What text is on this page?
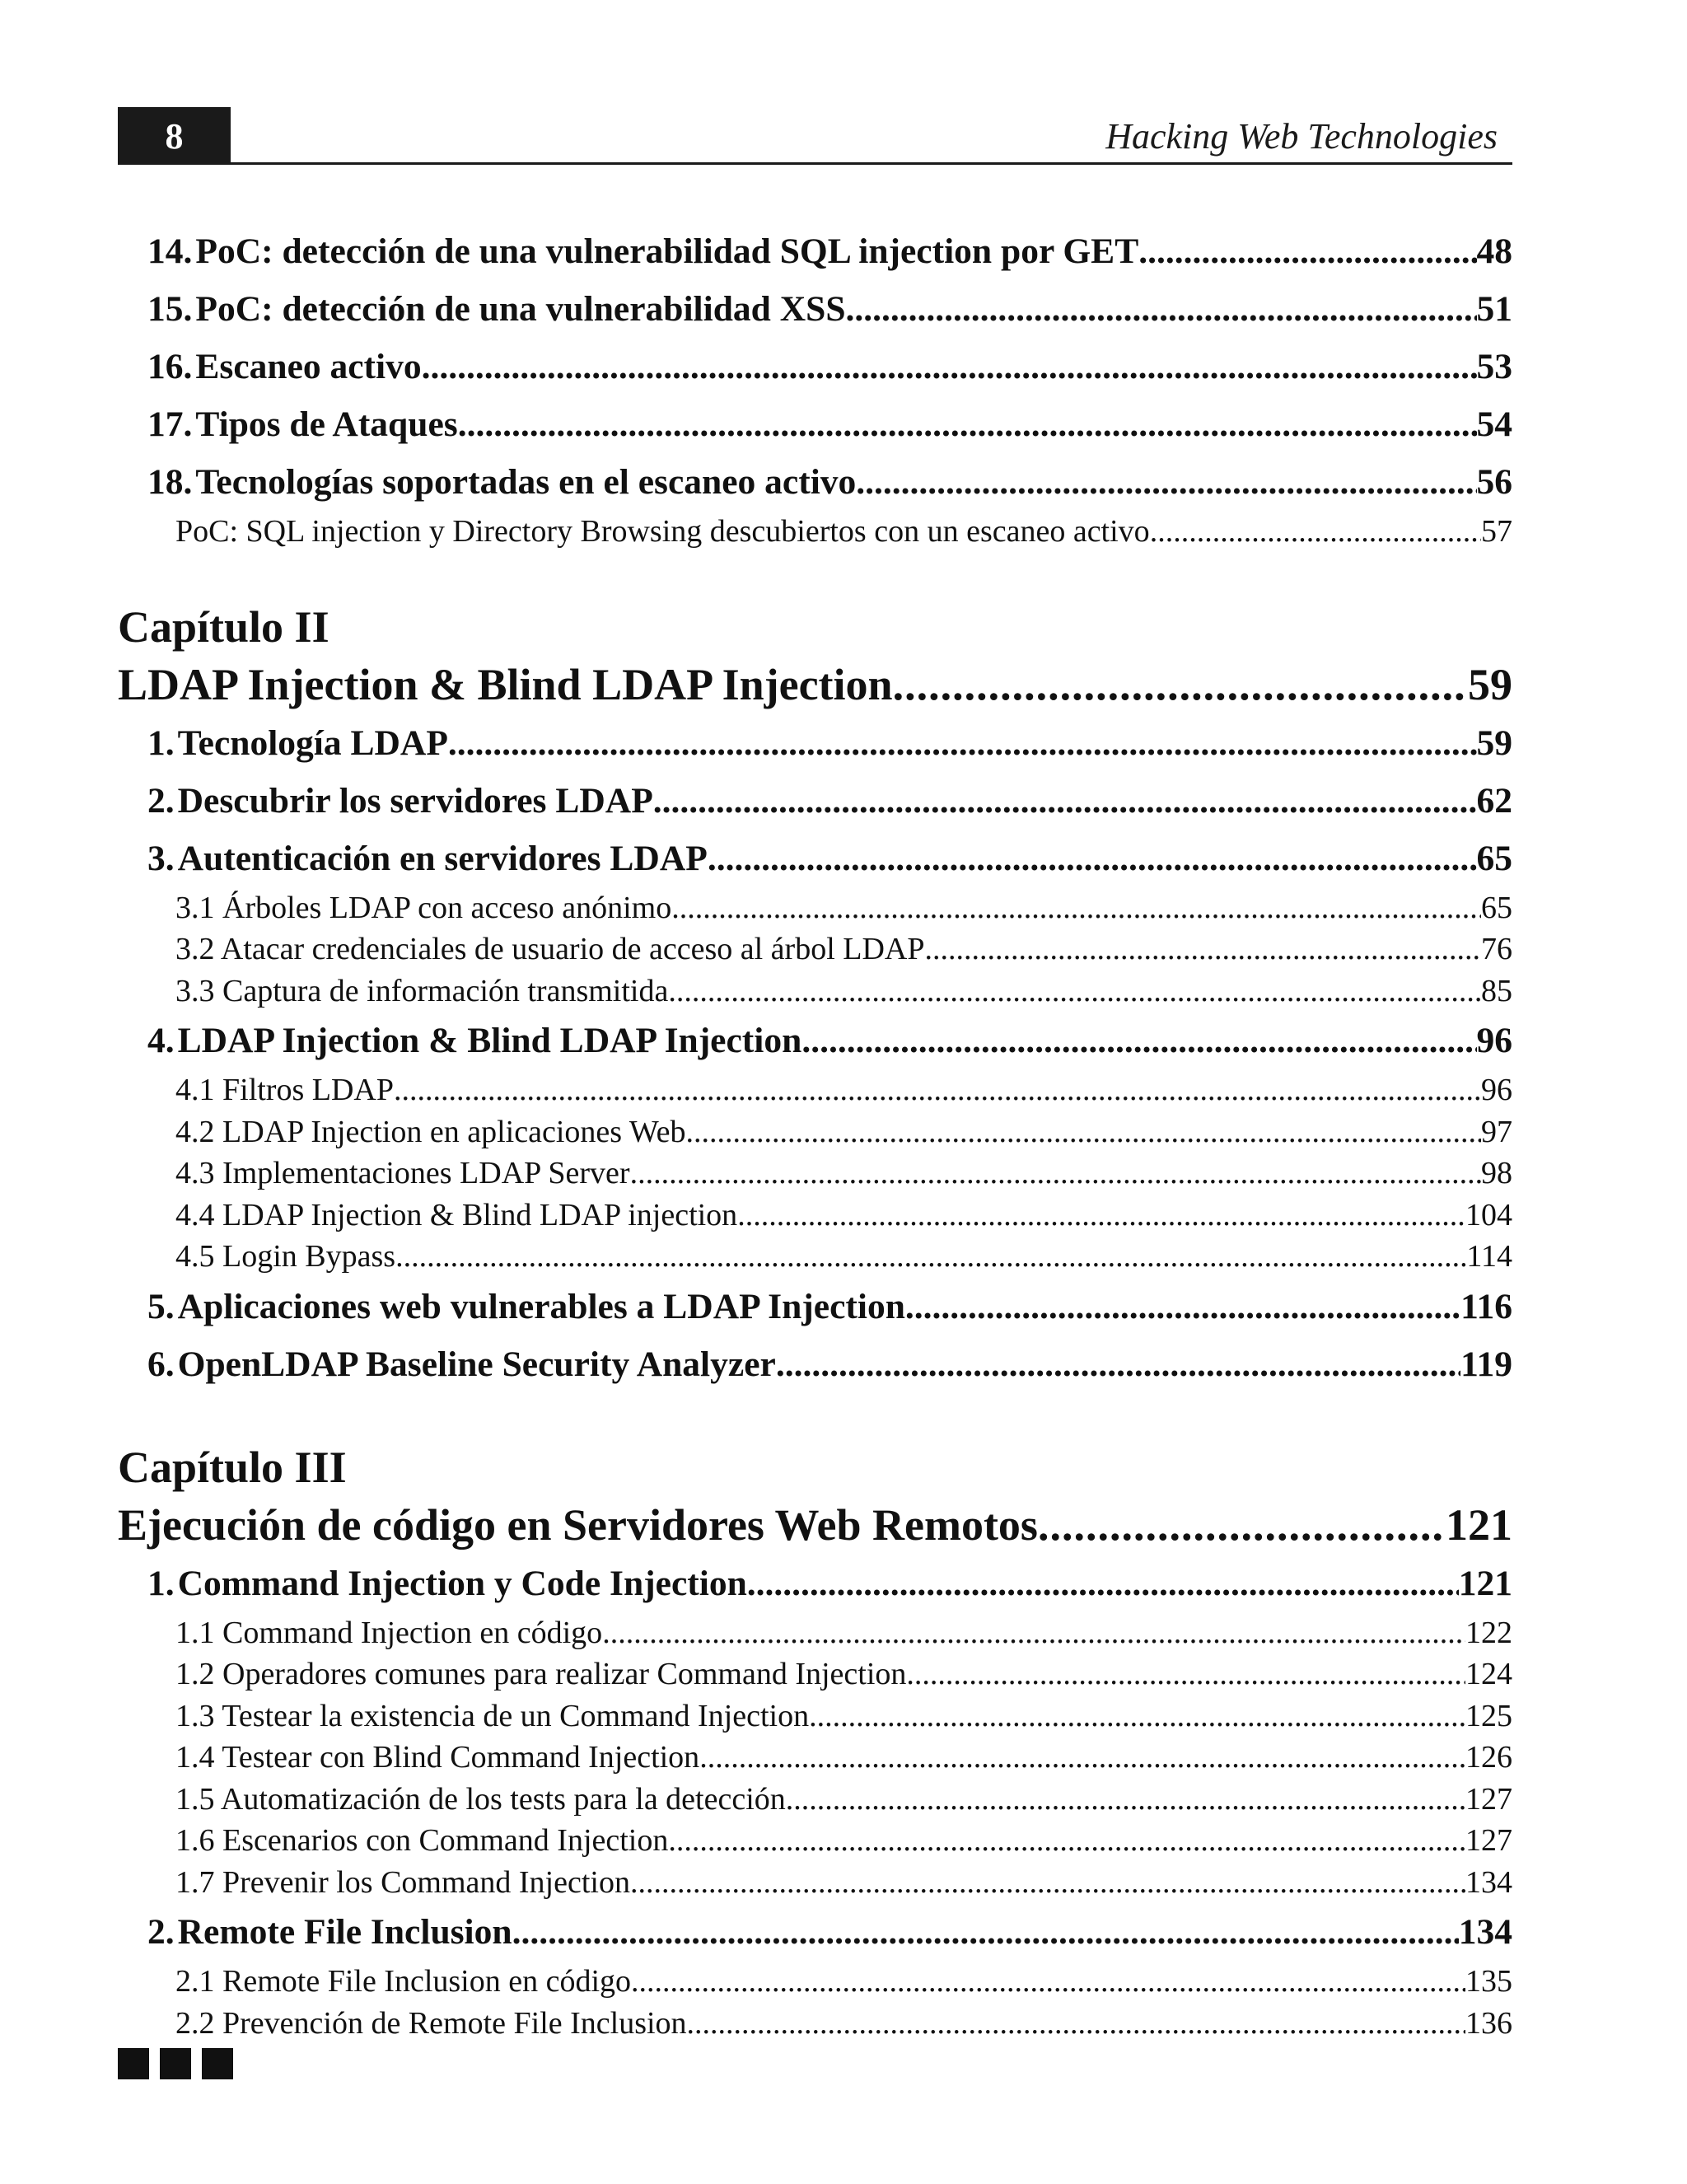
8	Hacking Web Technologies
14. PoC: detección de una vulnerabilidad SQL injection por GET .....	48
15. PoC: detección de una vulnerabilidad XSS .....	51
16. Escaneo activo .....	53
17. Tipos de Ataques .....	54
18. Tecnologías soportadas en el escaneo activo .....	56
PoC: SQL injection y Directory Browsing descubiertos con un escaneo activo .....	57
Capítulo II
LDAP Injection & Blind LDAP Injection .....	59
1. Tecnología LDAP .....	59
2. Descubrir los servidores LDAP .....	62
3. Autenticación en servidores LDAP .....	65
3.1 Árboles LDAP con acceso anónimo .....	65
3.2 Atacar credenciales de usuario de acceso al árbol LDAP .....	76
3.3 Captura de información transmitida .....	85
4. LDAP Injection & Blind LDAP Injection .....	96
4.1 Filtros LDAP .....	96
4.2 LDAP Injection en aplicaciones Web .....	97
4.3 Implementaciones LDAP Server .....	98
4.4 LDAP Injection & Blind LDAP injection .....	104
4.5 Login Bypass .....	114
5. Aplicaciones web vulnerables a LDAP Injection .....	116
6. OpenLDAP Baseline Security Analyzer .....	119
Capítulo III
Ejecución de código en Servidores Web Remotos .....	121
1. Command Injection y Code Injection .....	121
1.1 Command Injection en código .....	122
1.2 Operadores comunes para realizar Command Injection .....	124
1.3 Testear la existencia de un Command Injection .....	125
1.4 Testear con Blind Command Injection .....	126
1.5 Automatización de los tests para la detección .....	127
1.6 Escenarios con Command Injection .....	127
1.7 Prevenir los Command Injection .....	134
2. Remote File Inclusion .....	134
2.1 Remote File Inclusion en código .....	135
2.2 Prevención de Remote File Inclusion .....	136
